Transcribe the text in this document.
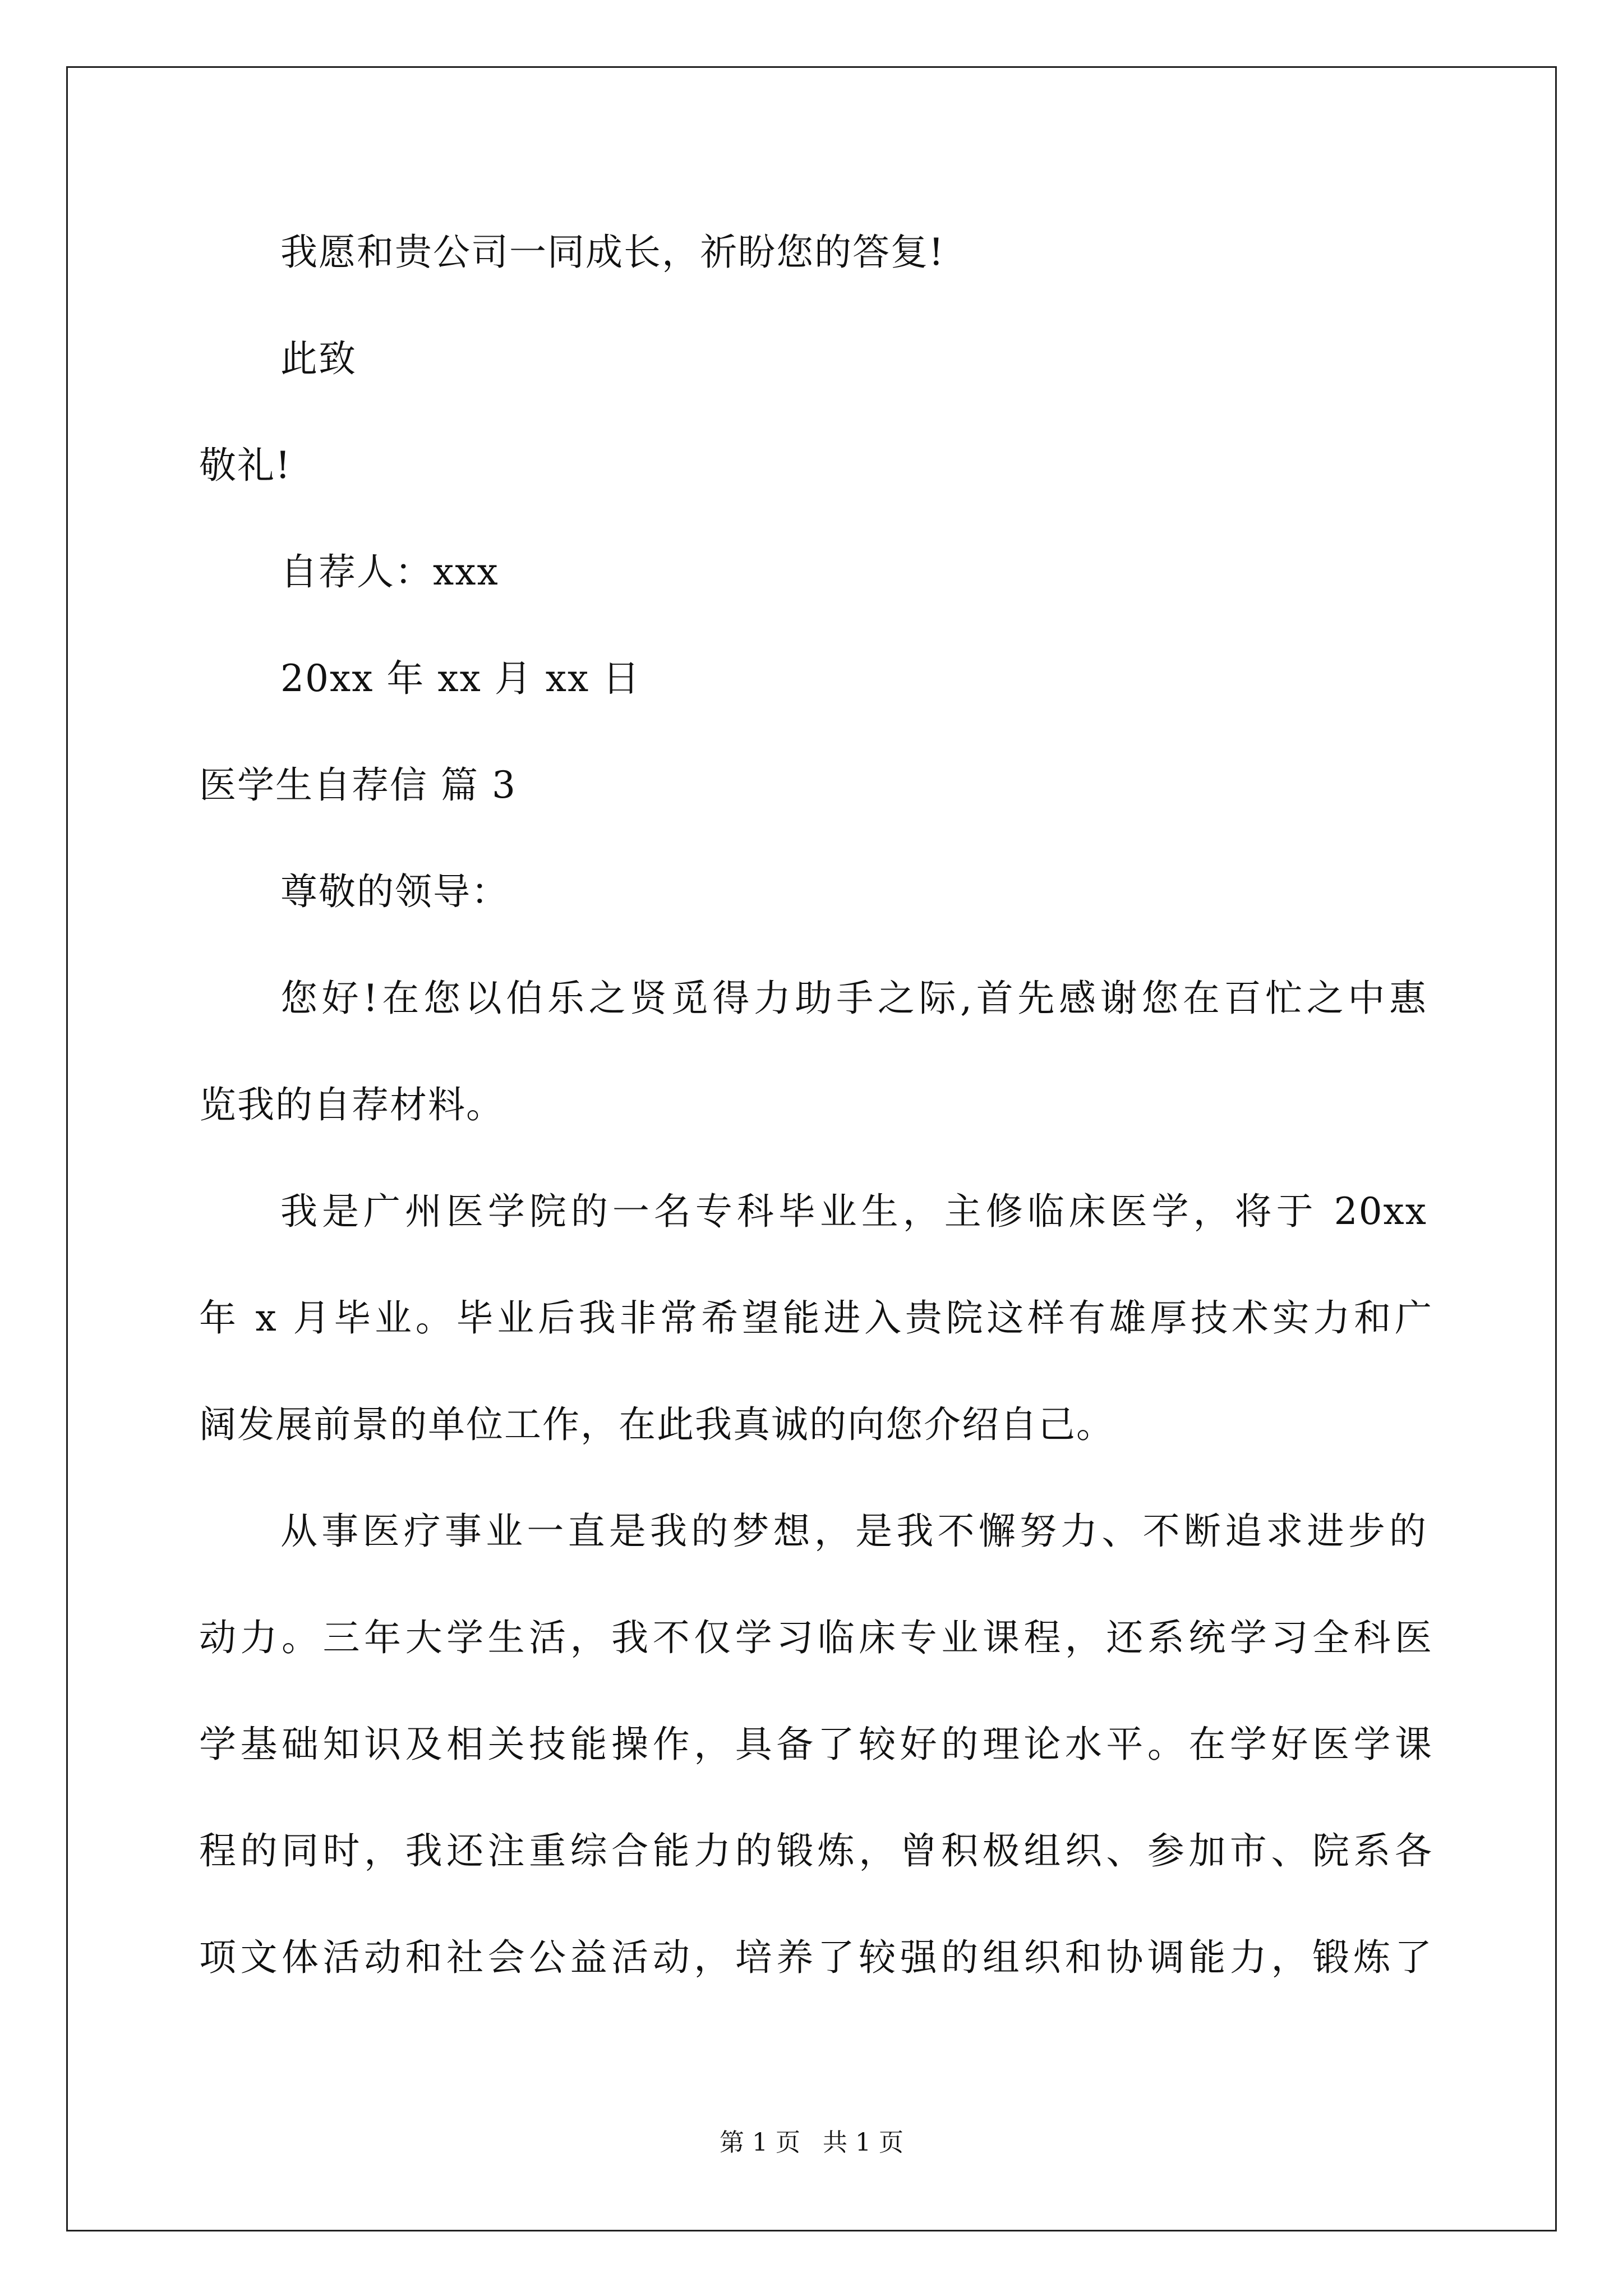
我愿和贵公司一同成长，祈盼您的答复!
此致
敬礼!
自荐人：xxx
20xx 年 xx 月 xx 日
医学生自荐信 篇 3
尊敬的领导：
您好!在您以伯乐之贤觅得力助手之际,首先感谢您在百忙之中惠
览我的自荐材料。
我是广州医学院的一名专科毕业生，主修临床医学，将于 20xx
年 x 月毕业。毕业后我非常希望能进入贵院这样有雄厚技术实力和广
阔发展前景的单位工作，在此我真诚的向您介绍自己。
从事医疗事业一直是我的梦想，是我不懈努力、不断追求进步的
动力。三年大学生活，我不仅学习临床专业课程，还系统学习全科医
学基础知识及相关技能操作，具备了较好的理论水平。在学好医学课
程的同时，我还注重综合能力的锻炼，曾积极组织、参加市、院系各
项文体活动和社会公益活动，培养了较强的组织和协调能力，锻炼了
第 1 页 共 1 页
